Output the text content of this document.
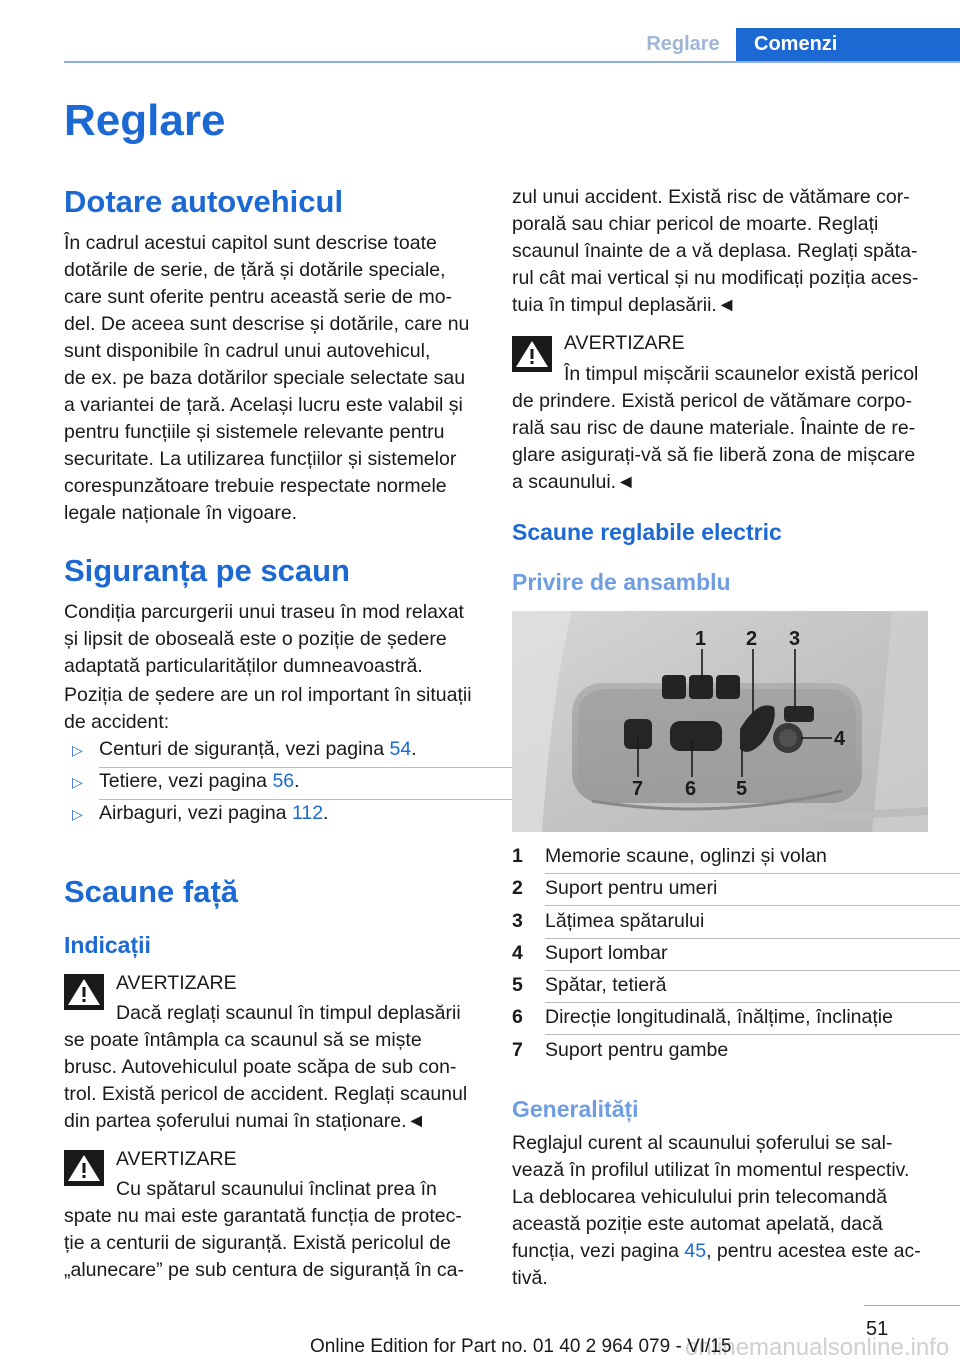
Reglare	Comenzi
Reglare
Dotare autovehicul
În cadrul acestui capitol sunt descrise toate
dotările de serie, de țără și dotările speciale,
care sunt oferite pentru această serie de mo-
del. De aceea sunt descrise și dotările, care nu
sunt disponibile în cadrul unui autovehicul,
de ex. pe baza dotărilor speciale selectate sau
a variantei de țară. Același lucru este valabil și
pentru funcțiile și sistemele relevante pentru
securitate. La utilizarea funcțiilor și sistemelor
corespunzătoare trebuie respectate normele
legale naționale în vigoare.
Siguranța pe scaun
Condiția parcurgerii unui traseu în mod relaxat
și lipsit de oboseală este o poziție de ședere
adaptată particularităților dumneavoastră.
Poziția de ședere are un rol important în situații
de accident:
▷ Centuri de siguranță, vezi pagina 54.
▷ Tetiere, vezi pagina 56.
▷ Airbaguri, vezi pagina 112.
Scaune față
Indicații
AVERTIZARE
Dacă reglați scaunul în timpul deplasării
se poate întâmpla ca scaunul să se miște
brusc. Autovehiculul poate scăpa de sub con-
trol. Există pericol de accident. Reglați scaunul
din partea șoferului numai în staționare.◄
AVERTIZARE
Cu spătarul scaunului înclinat prea în
spate nu mai este garantată funcția de protec-
ție a centurii de siguranță. Există pericolul de
„alunecare” pe sub centura de siguranță în ca-
zul unui accident. Există risc de vătămare cor-
porală sau chiar pericol de moarte. Reglați
scaunul înainte de a vă deplasa. Reglați spăta-
rul cât mai vertical și nu modificați poziția aces-
tuia în timpul deplasării.◄
AVERTIZARE
În timpul mișcării scaunelor există pericol
de prindere. Există pericol de vătămare corpo-
rală sau risc de daune materiale. Înainte de re-
glare asigurați-vă să fie liberă zona de mișcare
a scaunului.◄
Scaune reglabile electric
Privire de ansamblu
1 2 3
4
5
6
7
1 Memorie scaune, oglinzi și volan
2 Suport pentru umeri
3 Lățimea spătarului
4 Suport lombar
5 Spătar, tetieră
6 Direcție longitudinală, înălțime, înclinație
7 Suport pentru gambe
Generalități
Reglajul curent al scaunului șoferului se sal-
vează în profilul utilizat în momentul respectiv.
La deblocarea vehiculului prin telecomandă
această poziție este automat apelată, dacă
funcția, vezi pagina 45, pentru acestea este ac-
tivă.
51
onlinemanualsonline.info
Online Edition for Part no. 01 40 2 964 079 - VI/15
